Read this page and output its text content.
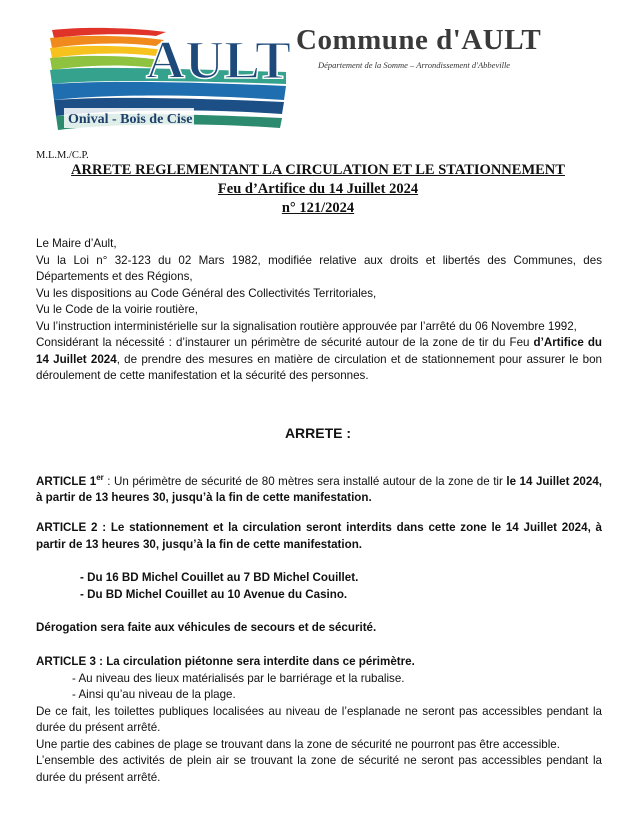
AULT
Onival - Bois de Cise
Commune d'AULT
Département de la Somme – Arrondissement d'Abbeville
M.L.M./C.P.
ARRETE REGLEMENTANT LA CIRCULATION ET LE STATIONNEMENT
Feu d’Artifice du 14 Juillet 2024
n° 121/2024
Le Maire d’Ault,
Vu la Loi n° 32-123 du 02 Mars 1982, modifiée relative aux droits et libertés des Communes, des Départements et des Régions,
Vu les dispositions au Code Général des Collectivités Territoriales,
Vu le Code de la voirie routière,
Vu l’instruction interministérielle sur la signalisation routière approuvée par l’arrêté du 06 Novembre 1992,
Considérant la nécessité : d’instaurer un périmètre de sécurité autour de la zone de tir du Feu d’Artifice du 14 Juillet 2024, de prendre des mesures en matière de circulation et de stationnement pour assurer le bon déroulement de cette manifestation et la sécurité des personnes.
ARRETE :
ARTICLE 1er : Un périmètre de sécurité de 80 mètres sera installé autour de la zone de tir le 14 Juillet 2024, à partir de 13 heures 30, jusqu’à la fin de cette manifestation.
ARTICLE 2 : Le stationnement et la circulation seront interdits dans cette zone le 14 Juillet 2024, à partir de 13 heures 30, jusqu’à la fin de cette manifestation.
- Du 16 BD Michel Couillet au 7 BD Michel Couillet.
- Du BD Michel Couillet au 10 Avenue du Casino.
Dérogation sera faite aux véhicules de secours et de sécurité.
ARTICLE 3 : La circulation piétonne sera interdite dans ce périmètre.
- Au niveau des lieux matérialisés par le barriérage et la rubalise.
- Ainsi qu’au niveau de la plage.
De ce fait, les toilettes publiques localisées au niveau de l’esplanade ne seront pas accessibles pendant la durée du présent arrêté.
Une partie des cabines de plage se trouvant dans la zone de sécurité ne pourront pas être accessible.
L’ensemble des activités de plein air se trouvant la zone de sécurité ne seront pas accessibles pendant la durée du présent arrêté.
